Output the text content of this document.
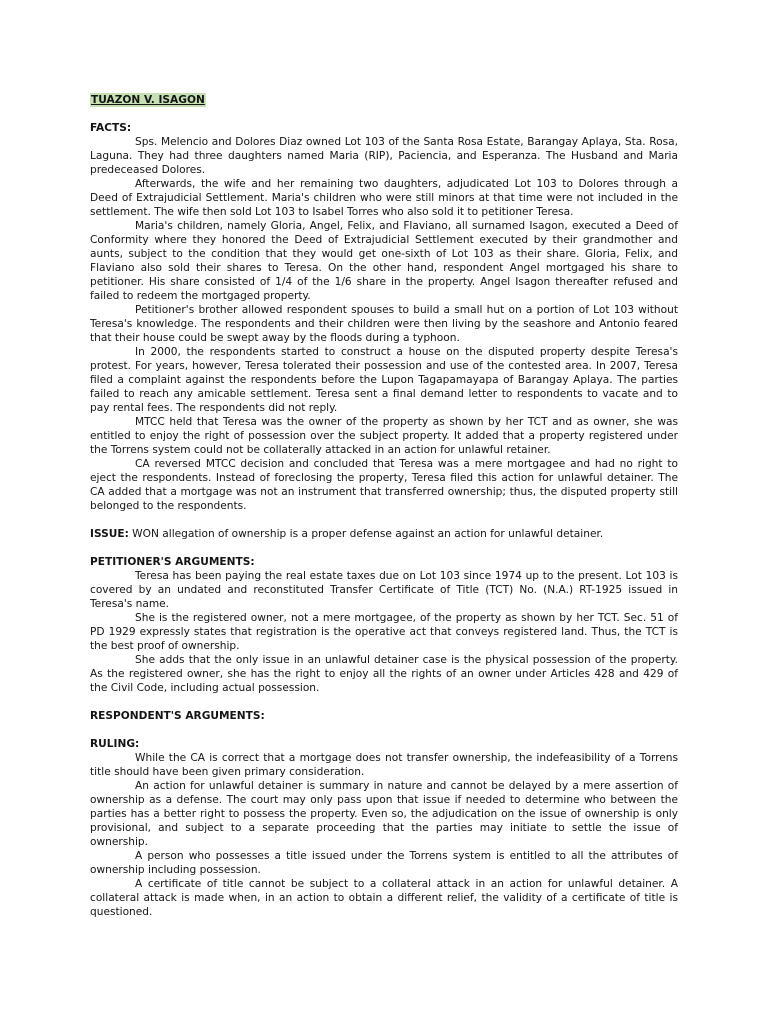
TUAZON V. ISAGON
FACTS:

Sps. Melencio and Dolores Diaz owned Lot 103 of the Santa Rosa Estate, Barangay Aplaya, Sta. Rosa, Laguna. They had three daughters named Maria (RIP), Paciencia, and Esperanza. The Husband and Maria predeceased Dolores.

Afterwards, the wife and her remaining two daughters, adjudicated Lot 103 to Dolores through a Deed of Extrajudicial Settlement. Maria's children who were still minors at that time were not included in the settlement. The wife then sold Lot 103 to Isabel Torres who also sold it to petitioner Teresa.

Maria's children, namely Gloria, Angel, Felix, and Flaviano, all surnamed Isagon, executed a Deed of Conformity where they honored the Deed of Extrajudicial Settlement executed by their grandmother and aunts, subject to the condition that they would get one-sixth of Lot 103 as their share. Gloria, Felix, and Flaviano also sold their shares to Teresa. On the other hand, respondent Angel mortgaged his share to petitioner. His share consisted of 1/4 of the 1/6 share in the property. Angel Isagon thereafter refused and failed to redeem the mortgaged property.

Petitioner's brother allowed respondent spouses to build a small hut on a portion of Lot 103 without Teresa's knowledge. The respondents and their children were then living by the seashore and Antonio feared that their house could be swept away by the floods during a typhoon.

In 2000, the respondents started to construct a house on the disputed property despite Teresa's protest. For years, however, Teresa tolerated their possession and use of the contested area. In 2007, Teresa filed a complaint against the respondents before the Lupon Tagapamayapa of Barangay Aplaya. The parties failed to reach any amicable settlement. Teresa sent a final demand letter to respondents to vacate and to pay rental fees. The respondents did not reply.

MTCC held that Teresa was the owner of the property as shown by her TCT and as owner, she was entitled to enjoy the right of possession over the subject property. It added that a property registered under the Torrens system could not be collaterally attacked in an action for unlawful retainer.

CA reversed MTCC decision and concluded that Teresa was a mere mortgagee and had no right to eject the respondents. Instead of foreclosing the property, Teresa filed this action for unlawful detainer. The CA added that a mortgage was not an instrument that transferred ownership; thus, the disputed property still belonged to the respondents.

ISSUE: WON allegation of ownership is a proper defense against an action for unlawful detainer.

PETITIONER'S ARGUMENTS:

Teresa has been paying the real estate taxes due on Lot 103 since 1974 up to the present. Lot 103 is covered by an undated and reconstituted Transfer Certificate of Title (TCT) No. (N.A.) RT-1925 issued in Teresa's name.

She is the registered owner, not a mere mortgagee, of the property as shown by her TCT. Sec. 51 of PD 1929 expressly states that registration is the operative act that conveys registered land. Thus, the TCT is the best proof of ownership.

She adds that the only issue in an unlawful detainer case is the physical possession of the property. As the registered owner, she has the right to enjoy all the rights of an owner under Articles 428 and 429 of the Civil Code, including actual possession.

RESPONDENT'S ARGUMENTS:
RULING:

While the CA is correct that a mortgage does not transfer ownership, the indefeasibility of a Torrens title should have been given primary consideration.

An action for unlawful detainer is summary in nature and cannot be delayed by a mere assertion of ownership as a defense. The court may only pass upon that issue if needed to determine who between the parties has a better right to possess the property. Even so, the adjudication on the issue of ownership is only provisional, and subject to a separate proceeding that the parties may initiate to settle the issue of ownership.

A person who possesses a title issued under the Torrens system is entitled to all the attributes of ownership including possession.

A certificate of title cannot be subject to a collateral attack in an action for unlawful detainer. A collateral attack is made when, in an action to obtain a different relief, the validity of a certificate of title is questioned.
